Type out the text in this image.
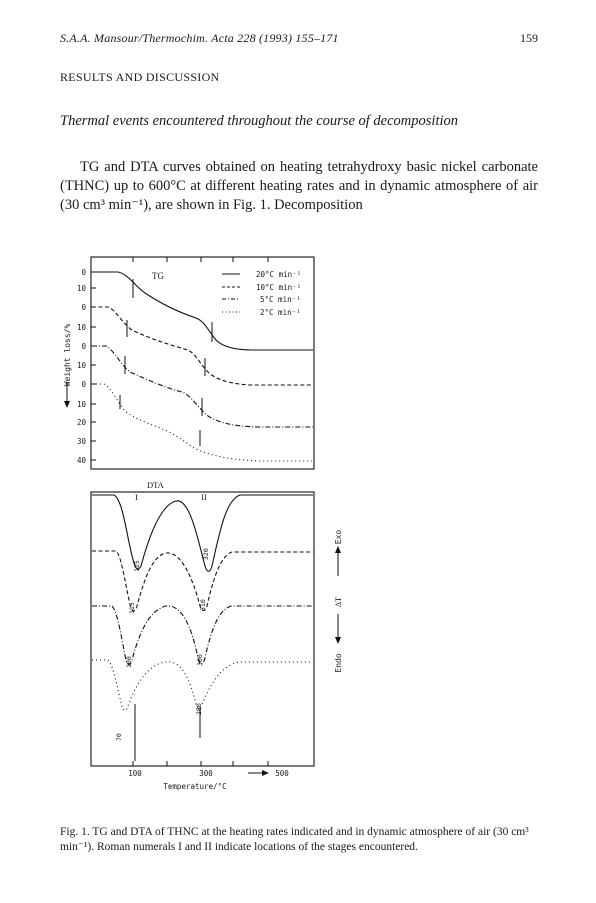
S.A.A. Mansour/Thermochim. Acta 228 (1993) 155–171	159
RESULTS AND DISCUSSION
Thermal events encountered throughout the course of decomposition

TG and DTA curves obtained on heating tetrahydroxy basic nickel carbonate (THNC) up to 600°C at different heating rates and in dynamic atmosphere of air (30 cm³ min⁻¹), are shown in Fig. 1. Decomposition

0
10
0
10
0
10
0
10
20
30
40
Weight loss/%
TG	20°C min⁻¹
10°C min⁻¹
5°C min⁻¹
2°C min⁻¹
DTA
I	II
125
320
115	310
100	300
70
280
Exo
ΔT
Endo
100	300	500
Temperature/°C

Fig. 1. TG and DTA of THNC at the heating rates indicated and in dynamic atmosphere of air (30 cm³ min⁻¹). Roman numerals I and II indicate locations of the stages encountered.
